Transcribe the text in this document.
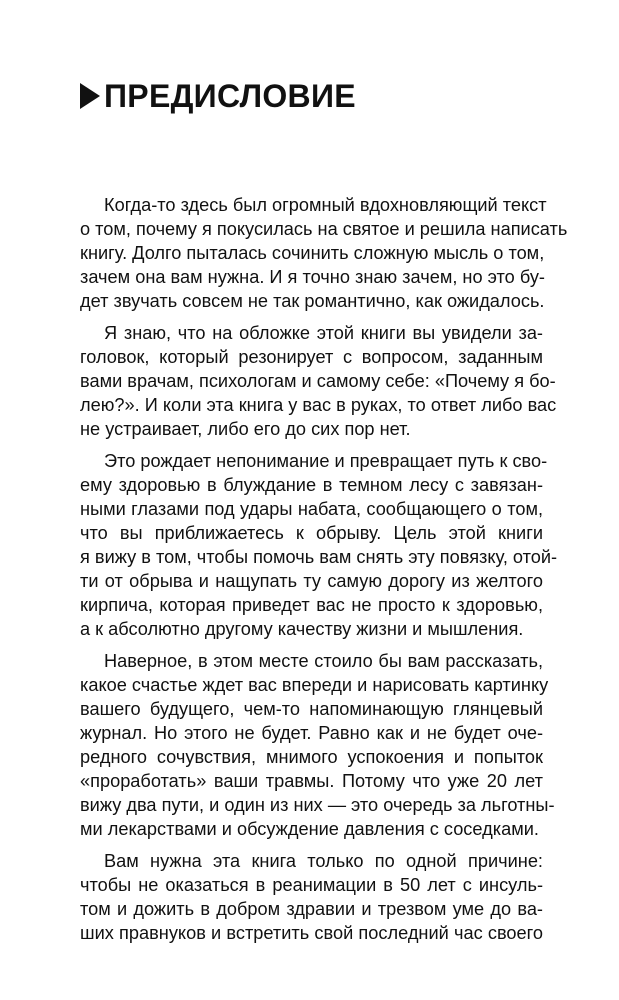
ПРЕДИСЛОВИЕ
Когда-то здесь был огромный вдохновляющий текст
о том, почему я покусилась на святое и решила написать
книгу. Долго пыталась сочинить сложную мысль о том,
зачем она вам нужна. И я точно знаю зачем, но это бу-
дет звучать совсем не так романтично, как ожидалось.
Я знаю, что на обложке этой книги вы увидели за-
головок, который резонирует с вопросом, заданным
вами врачам, психологам и самому себе: «Почему я бо-
лею?». И коли эта книга у вас в руках, то ответ либо вас
не устраивает, либо его до сих пор нет.
Это рождает непонимание и превращает путь к сво-
ему здоровью в блуждание в темном лесу с завязан-
ными глазами под удары набата, сообщающего о том,
что вы приближаетесь к обрыву. Цель этой книги
я вижу в том, чтобы помочь вам снять эту повязку, отой-
ти от обрыва и нащупать ту самую дорогу из желтого
кирпича, которая приведет вас не просто к здоровью,
а к абсолютно другому качеству жизни и мышления.
Наверное, в этом месте стоило бы вам рассказать,
какое счастье ждет вас впереди и нарисовать картинку
вашего будущего, чем-то напоминающую глянцевый
журнал. Но этого не будет. Равно как и не будет оче-
редного сочувствия, мнимого успокоения и попыток
«проработать» ваши травмы. Потому что уже 20 лет
вижу два пути, и один из них — это очередь за льготны-
ми лекарствами и обсуждение давления с соседками.
Вам нужна эта книга только по одной причине:
чтобы не оказаться в реанимации в 50 лет с инсуль-
том и дожить в добром здравии и трезвом уме до ва-
ших правнуков и встретить свой последний час своего
